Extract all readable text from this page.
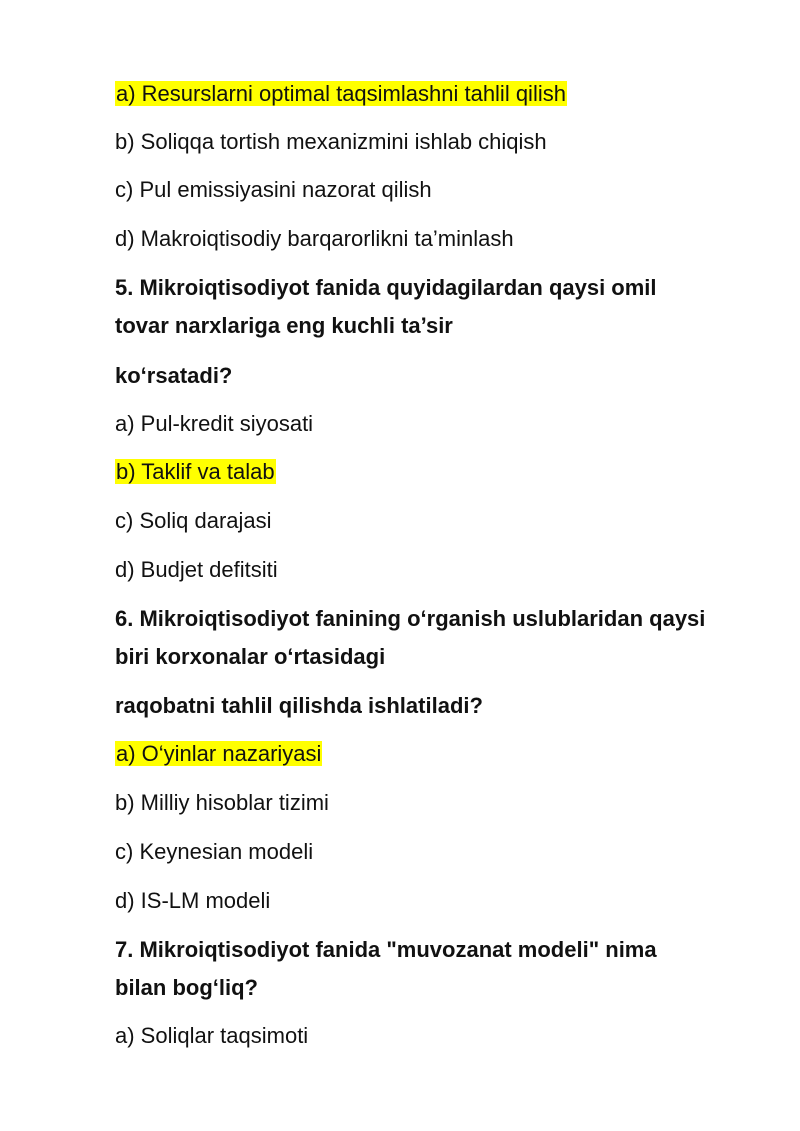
a) Resurslarni optimal taqsimlashni tahlil qilish
b) Soliqqa tortish mexanizmini ishlab chiqish
c) Pul emissiyasini nazorat qilish
d) Makroiqtisodiy barqarorlikni ta’minlash
5. Mikroiqtisodiyot fanida quyidagilardan qaysi omil
tovar narxlariga eng kuchli ta’sir
ko‘rsatadi?
a) Pul-kredit siyosati
b) Taklif va talab
c) Soliq darajasi
d) Budjet defitsiti
6. Mikroiqtisodiyot fanining o‘rganish uslublaridan qaysi
biri korxonalar o‘rtasidagi
raqobatni tahlil qilishda ishlatiladi?
a) O‘yinlar nazariyasi
b) Milliy hisoblar tizimi
c) Keynesian modeli
d) IS-LM modeli
7. Mikroiqtisodiyot fanida "muvozanat modeli" nima
bilan bog‘liq?
a) Soliqlar taqsimoti
